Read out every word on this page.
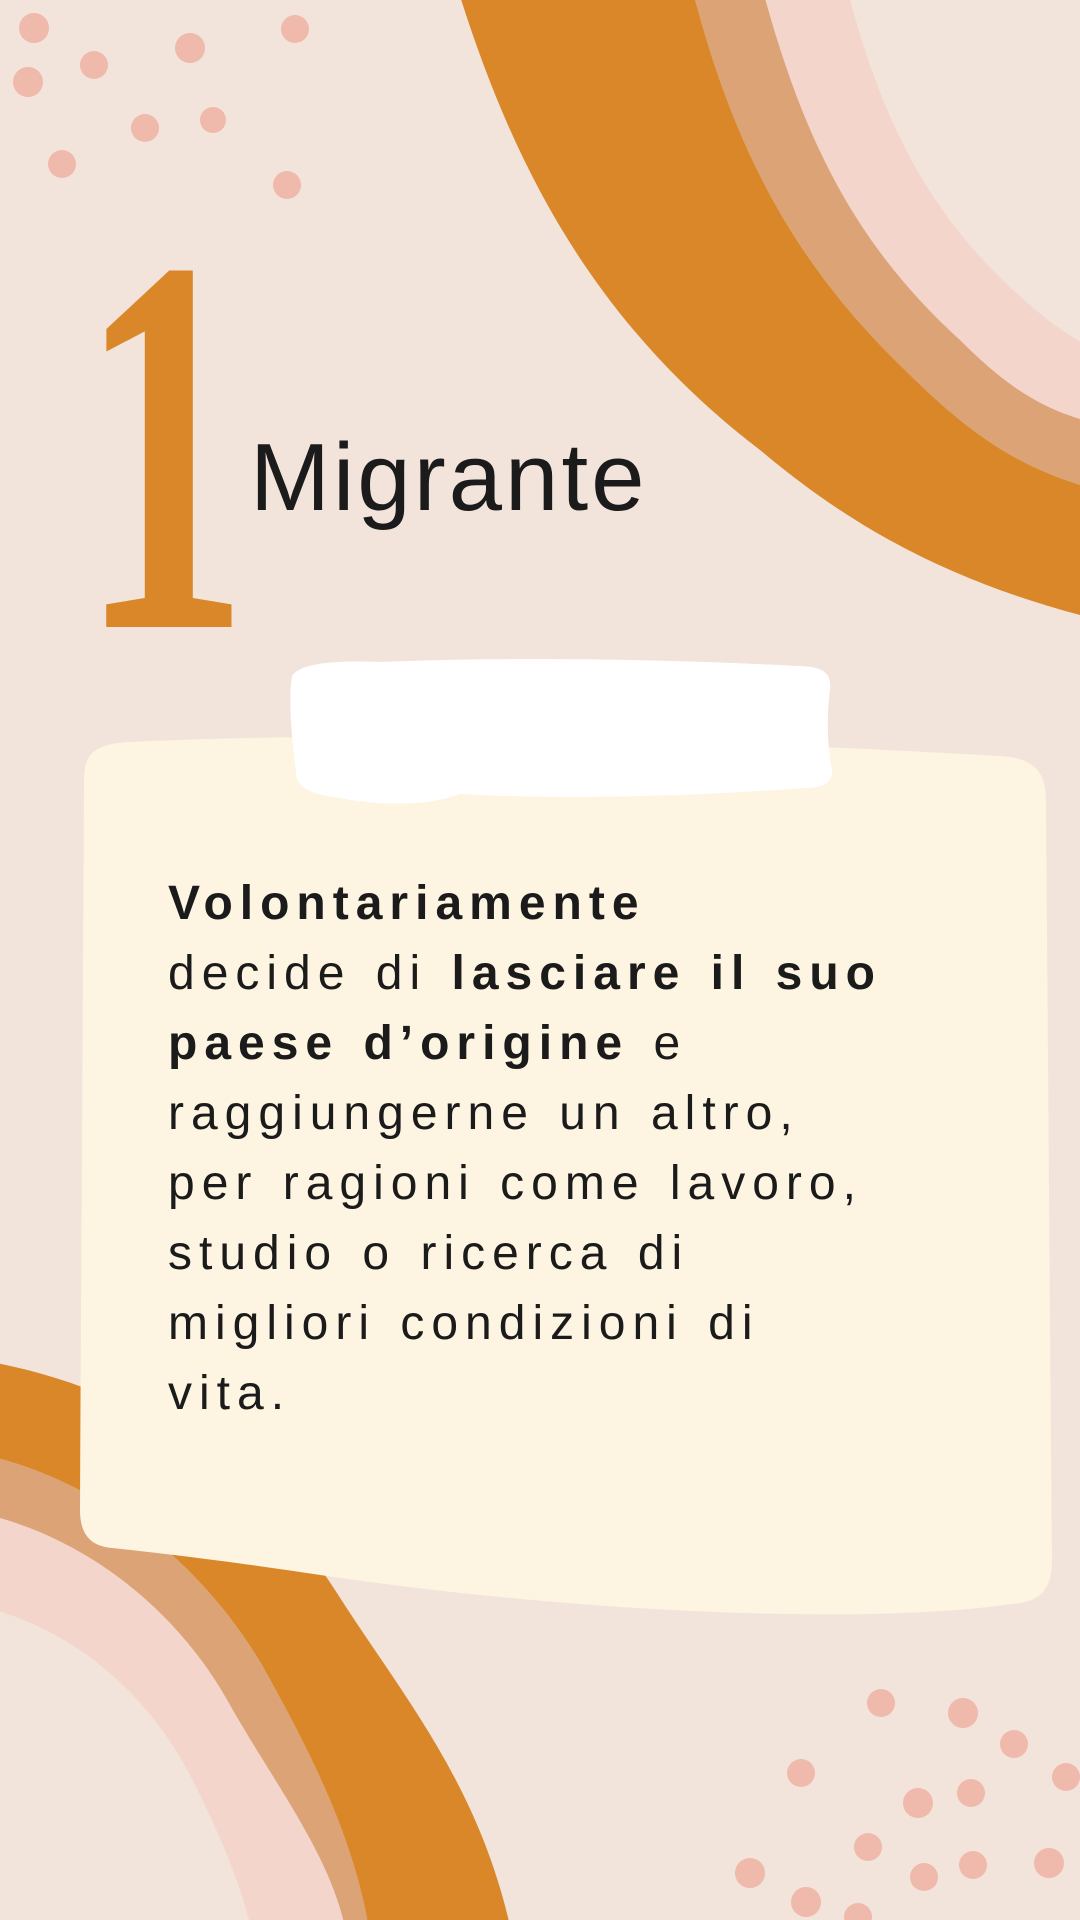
1 Migrante
Volontariamente
decide di lasciare il suo
paese d’origine e
raggiungerne un altro,
per ragioni come lavoro,
studio o ricerca di
migliori condizioni di
vita.
